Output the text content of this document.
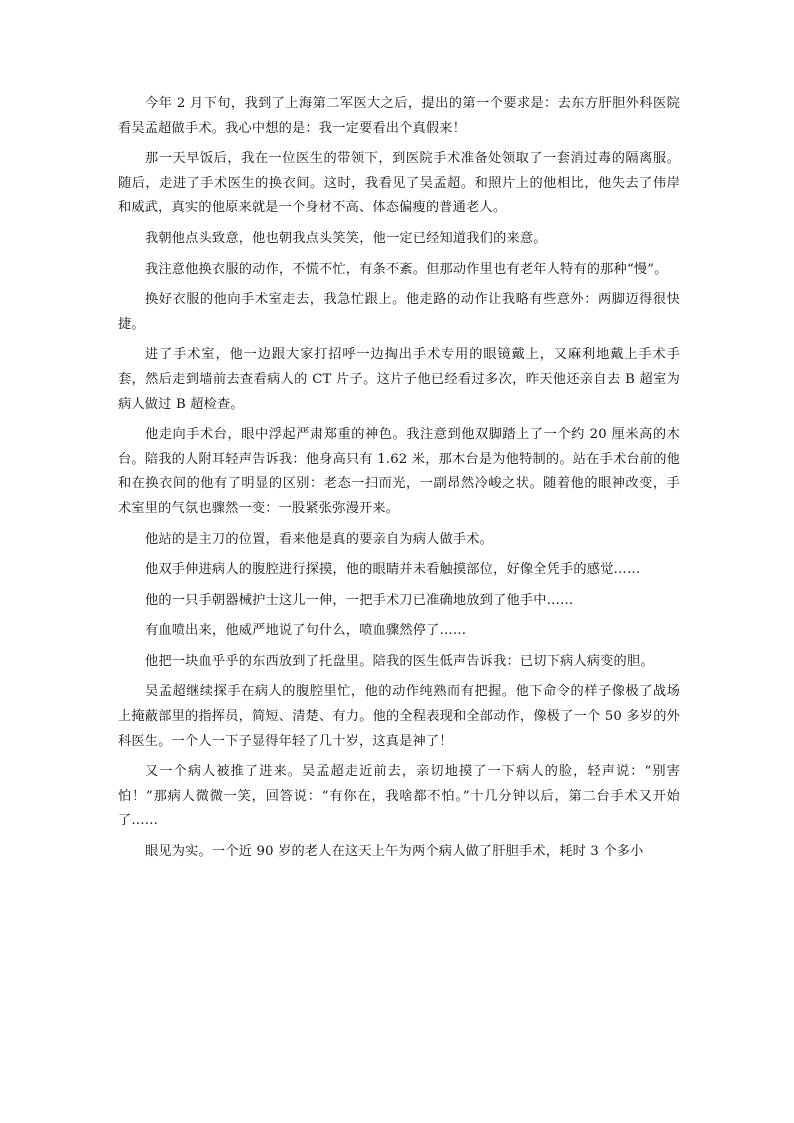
今年 2 月下旬，我到了上海第二军医大之后，提出的第一个要求是：去东方肝胆外科医院看吴孟超做手术。我心中想的是：我一定要看出个真假来！

那一天早饭后，我在一位医生的带领下，到医院手术准备处领取了一套消过毒的隔离服。随后，走进了手术医生的换衣间。这时，我看见了吴孟超。和照片上的他相比，他失去了伟岸和威武，真实的他原来就是一个身材不高、体态偏瘦的普通老人。

我朝他点头致意，他也朝我点头笑笑，他一定已经知道我们的来意。

我注意他换衣服的动作，不慌不忙，有条不紊。但那动作里也有老年人特有的那种“慢”。

换好衣服的他向手术室走去，我急忙跟上。他走路的动作让我略有些意外：两脚迈得很快捷。

进了手术室，他一边跟大家打招呼一边掏出手术专用的眼镜戴上，又麻利地戴上手术手套，然后走到墙前去查看病人的 CT 片子。这片子他已经看过多次，昨天他还亲自去 B 超室为病人做过 B 超检查。

他走向手术台，眼中浮起严肃郑重的神色。我注意到他双脚踏上了一个约 20 厘米高的木台。陪我的人附耳轻声告诉我：他身高只有 1.62 米，那木台是为他特制的。站在手术台前的他和在换衣间的他有了明显的区别：老态一扫而光，一副昂然冷峻之状。随着他的眼神改变，手术室里的气氛也骤然一变：一股紧张弥漫开来。

他站的是主刀的位置，看来他是真的要亲自为病人做手术。

他双手伸进病人的腹腔进行探摸，他的眼睛并未看触摸部位，好像全凭手的感觉……

他的一只手朝器械护士这儿一伸，一把手术刀已准确地放到了他手中……

有血喷出来，他威严地说了句什么，喷血骤然停了……

他把一块血乎乎的东西放到了托盘里。陪我的医生低声告诉我：已切下病人病变的胆。

吴孟超继续探手在病人的腹腔里忙，他的动作纯熟而有把握。他下命令的样子像极了战场上掩蔽部里的指挥员，简短、清楚、有力。他的全程表现和全部动作，像极了一个 50 多岁的外科医生。一个人一下子显得年轻了几十岁，这真是神了！

又一个病人被推了进来。吴孟超走近前去，亲切地摸了一下病人的脸，轻声说：“别害怕！”那病人微微一笑，回答说：“有你在，我啥都不怕。”十几分钟以后，第二台手术又开始了……

眼见为实。一个近 90 岁的老人在这天上午为两个病人做了肝胆手术，耗时 3 个多小
